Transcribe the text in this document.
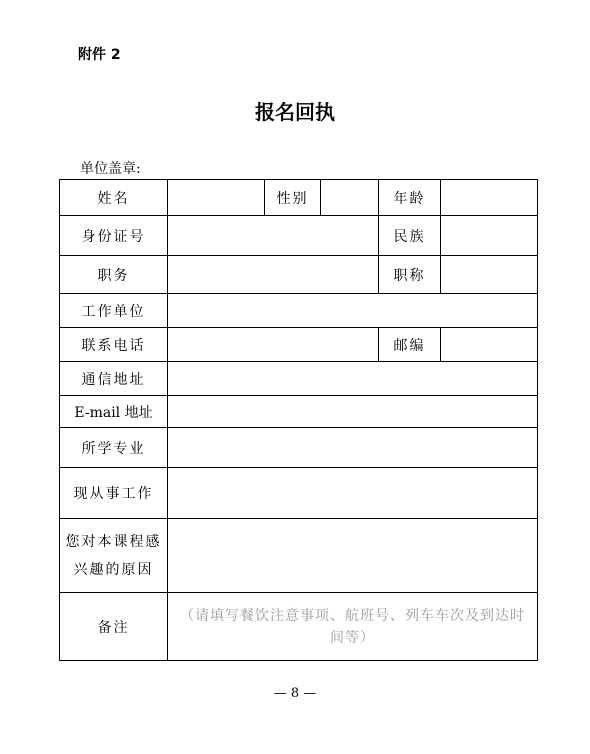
附件 2
报名回执
单位盖章:
姓名		性别		年龄	
身份证号				民族	
职务				职称	
工作单位					
联系电话				邮编	
通信地址					
E-mail 地址					
所学专业					
现从事工作					

您对本课程感
兴趣的原因					

备注	（请填写餐饮注意事项、航班号、列车车次及到达时
间等）				
— 8 —
